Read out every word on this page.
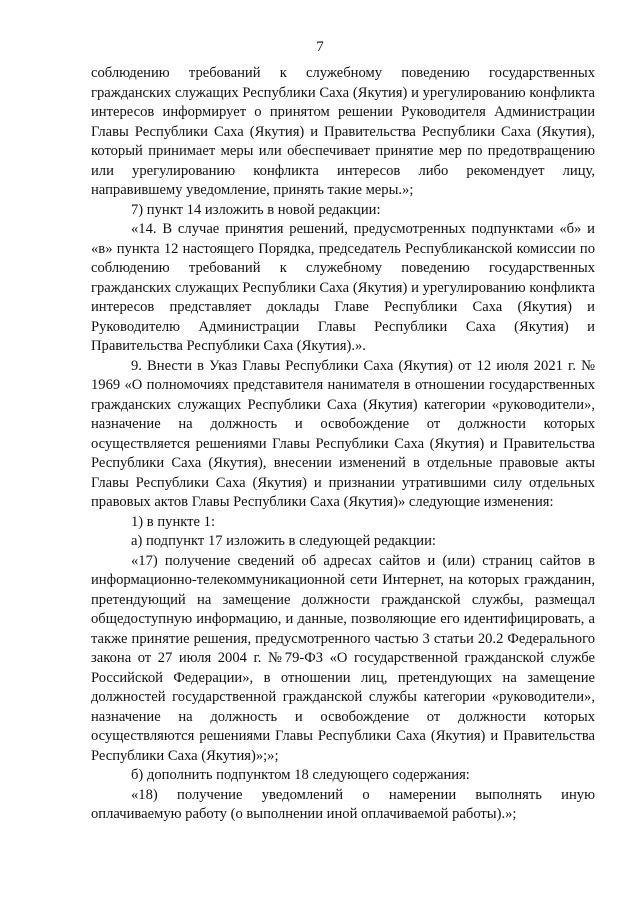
7

соблюдению требований к служебному поведению государственных гражданских служащих Республики Саха (Якутия) и урегулированию конфликта интересов информирует о принятом решении Руководителя Администрации Главы Республики Саха (Якутия) и Правительства Республики Саха (Якутия), который принимает меры или обеспечивает принятие мер по предотвращению или урегулированию конфликта интересов либо рекомендует лицу, направившему уведомление, принять такие меры.»;

7) пункт 14 изложить в новой редакции:

«14. В случае принятия решений, предусмотренных подпунктами «б» и «в» пункта 12 настоящего Порядка, председатель Республиканской комиссии по соблюдению требований к служебному поведению государственных гражданских служащих Республики Саха (Якутия) и урегулированию конфликта интересов представляет доклады Главе Республики Саха (Якутия) и Руководителю Администрации Главы Республики Саха (Якутия) и Правительства Республики Саха (Якутия).».

9. Внести в Указ Главы Республики Саха (Якутия) от 12 июля 2021 г. № 1969 «О полномочиях представителя нанимателя в отношении государственных гражданских служащих Республики Саха (Якутия) категории «руководители», назначение на должность и освобождение от должности которых осуществляется решениями Главы Республики Саха (Якутия) и Правительства Республики Саха (Якутия), внесении изменений в отдельные правовые акты Главы Республики Саха (Якутия) и признании утратившими силу отдельных правовых актов Главы Республики Саха (Якутия)» следующие изменения:

1) в пункте 1:

а) подпункт 17 изложить в следующей редакции:

«17) получение сведений об адресах сайтов и (или) страниц сайтов в информационно-телекоммуникационной сети Интернет, на которых гражданин, претендующий на замещение должности гражданской службы, размещал общедоступную информацию, и данные, позволяющие его идентифицировать, а также принятие решения, предусмотренного частью 3 статьи 20.2 Федерального закона от 27 июля 2004 г. №79-ФЗ «О государственной гражданской службе Российской Федерации», в отношении лиц, претендующих на замещение должностей государственной гражданской службы категории «руководители», назначение на должность и освобождение от должности которых осуществляются решениями Главы Республики Саха (Якутия) и Правительства Республики Саха (Якутия)»;»;

б) дополнить подпунктом 18 следующего содержания:

«18) получение уведомлений о намерении выполнять иную оплачиваемую работу (о выполнении иной оплачиваемой работы).»;
